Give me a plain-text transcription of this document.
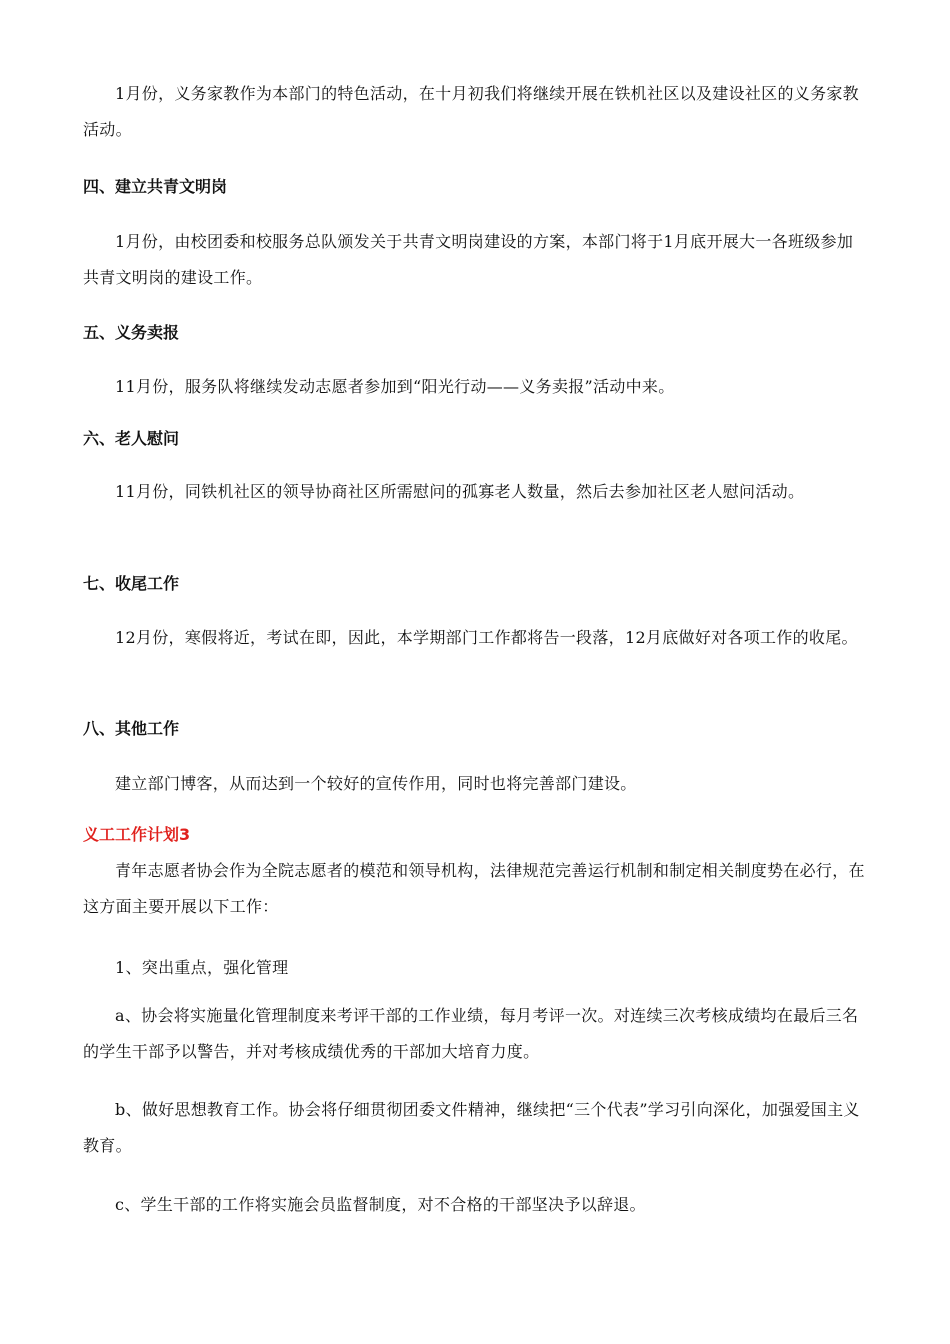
1月份，义务家教作为本部门的特色活动，在十月初我们将继续开展在铁机社区以及建设社区的义务家教活动。

四、建立共青文明岗

1月份，由校团委和校服务总队颁发关于共青文明岗建设的方案，本部门将于1月底开展大一各班级参加共青文明岗的建设工作。

五、义务卖报

11月份，服务队将继续发动志愿者参加到“阳光行动——义务卖报”活动中来。

六、老人慰问

11月份，同铁机社区的领导协商社区所需慰问的孤寡老人数量，然后去参加社区老人慰问活动。

七、收尾工作

12月份，寒假将近，考试在即，因此，本学期部门工作都将告一段落，12月底做好对各项工作的收尾。

八、其他工作

建立部门博客，从而达到一个较好的宣传作用，同时也将完善部门建设。

义工工作计划3

青年志愿者协会作为全院志愿者的模范和领导机构，法律规范完善运行机制和制定相关制度势在必行，在这方面主要开展以下工作：

1、突出重点，强化管理

a、协会将实施量化管理制度来考评干部的工作业绩，每月考评一次。对连续三次考核成绩均在最后三名的学生干部予以警告，并对考核成绩优秀的干部加大培育力度。

b、做好思想教育工作。协会将仔细贯彻团委文件精神，继续把“三个代表”学习引向深化，加强爱国主义教育。

c、学生干部的工作将实施会员监督制度，对不合格的干部坚决予以辞退。
